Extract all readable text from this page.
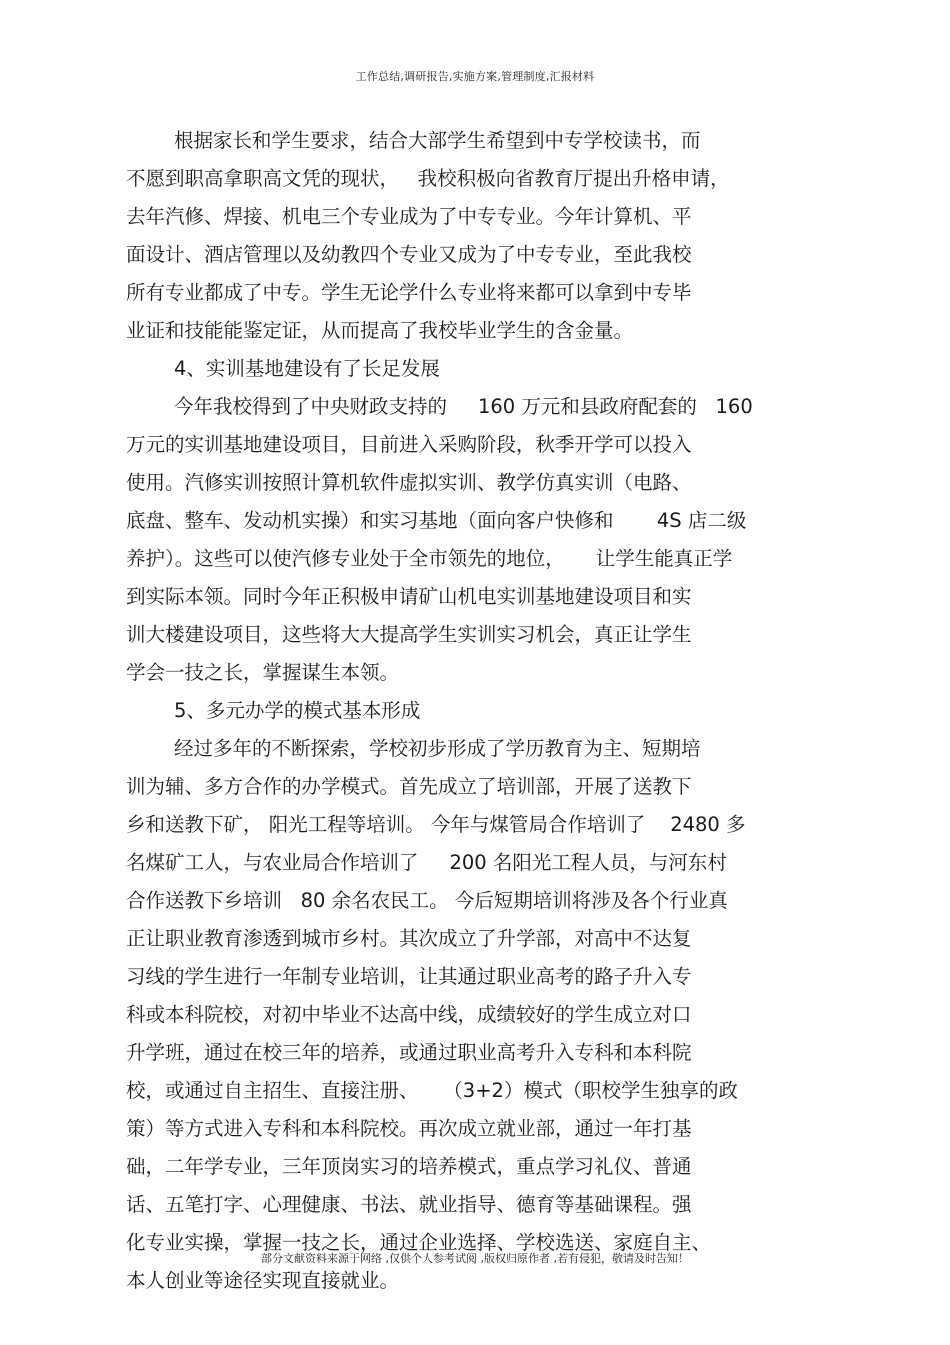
工作总结,调研报告,实施方案,管理制度,汇报材料
根据家长和学生要求，结合大部学生希望到中专学校读书，而
不愿到职高拿职高文凭的现状，   我校积极向省教育厅提出升格申请，
去年汽修、焊接、机电三个专业成为了中专专业。今年计算机、平
面设计、酒店管理以及幼教四个专业又成为了中专专业，至此我校
所有专业都成了中专。学生无论学什么专业将来都可以拿到中专毕
业证和技能能鉴定证，从而提高了我校毕业学生的含金量。
4、实训基地建设有了长足发展
今年我校得到了中央财政支持的     160 万元和县政府配套的   160
万元的实训基地建设项目，目前进入采购阶段，秋季开学可以投入
使用。汽修实训按照计算机软件虚拟实训、教学仿真实训（电路、
底盘、整车、发动机实操）和实习基地（面向客户快修和       4S 店二级
养护）。这些可以使汽修专业处于全市领先的地位，     让学生能真正学
到实际本领。同时今年正积极申请矿山机电实训基地建设项目和实
训大楼建设项目，这些将大大提高学生实训实习机会，真正让学生
学会一技之长，掌握谋生本领。
5、多元办学的模式基本形成
经过多年的不断探索，学校初步形成了学历教育为主、短期培
训为辅、多方合作的办学模式。首先成立了培训部，开展了送教下
乡和送教下矿， 阳光工程等培训。 今年与煤管局合作培训了    2480 多
名煤矿工人，与农业局合作培训了     200 名阳光工程人员，与河东村
合作送教下乡培训   80 余名农民工。 今后短期培训将涉及各个行业真
正让职业教育渗透到城市乡村。其次成立了升学部，对高中不达复
习线的学生进行一年制专业培训，让其通过职业高考的路子升入专
科或本科院校，对初中毕业不达高中线，成绩较好的学生成立对口
升学班，通过在校三年的培养，或通过职业高考升入专科和本科院
校，或通过自主招生、直接注册、    （3+2）模式（职校学生独享的政
策）等方式进入专科和本科院校。再次成立就业部，通过一年打基
础，二年学专业，三年顶岗实习的培养模式，重点学习礼仪、普通
话、五笔打字、心理健康、书法、就业指导、德育等基础课程。强
化专业实操，掌握一技之长，通过企业选择、学校选送、家庭自主、
本人创业等途径实现直接就业。
部分文献资料来源于网络 ,仅供个人参考试阅 ,版权归原作者 ,若有侵犯，敬请及时告知！
